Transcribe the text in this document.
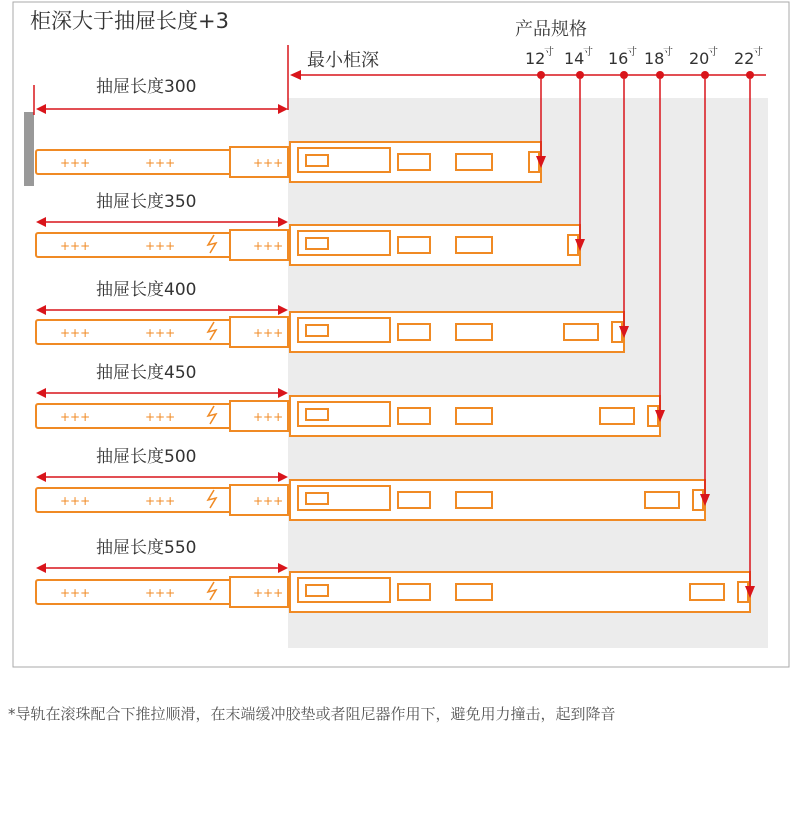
柜深大于抽屉长度+3	产品规格
最小柜深	12
寸 14
寸 16
寸 18
寸 20
寸 22
寸
抽屉长度300
+++	+++	+++
抽屉长度350
+++	+++	+++
抽屉长度400
+++	+++	+++
抽屉长度450
+++	+++	+++
抽屉长度500
+++	+++	+++
抽屉长度550
+++	+++	+++
*导轨在滚珠配合下推拉顺滑，在末端缓冲胶垫或者阻尼器作用下，避免用力撞击，起到降音
